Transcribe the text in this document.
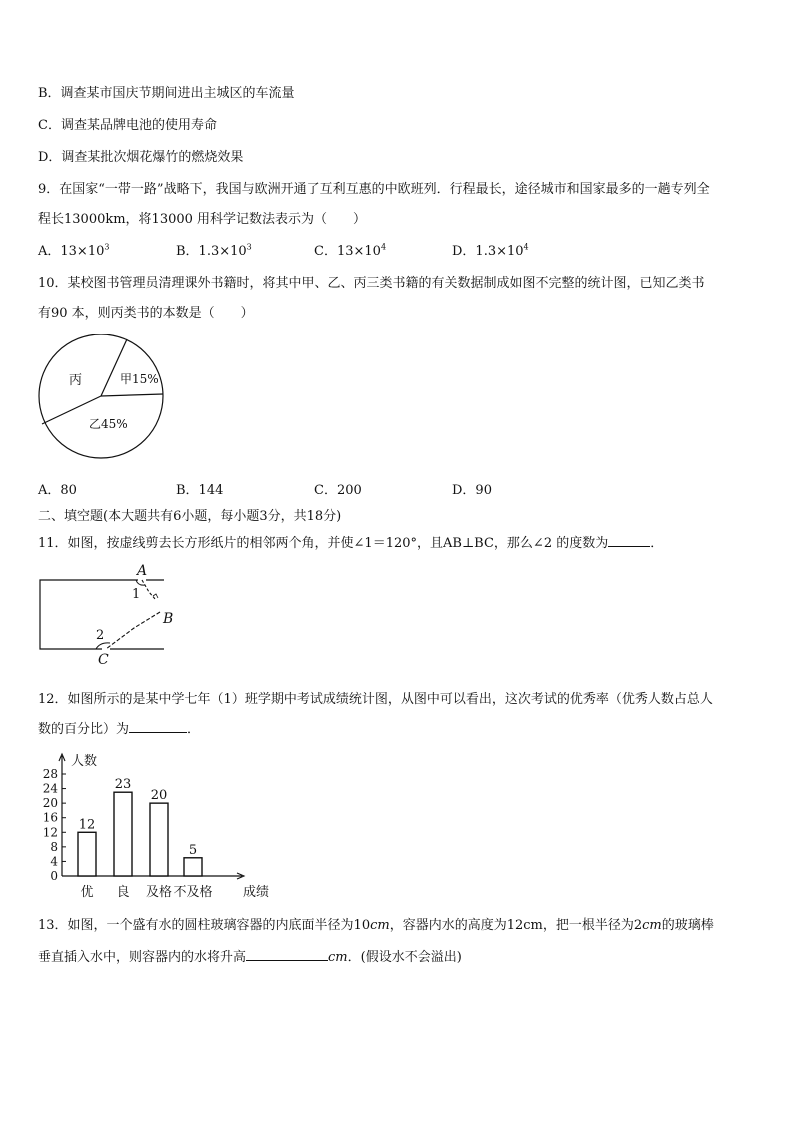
B．调查某市国庆节期间进出主城区的车流量
C．调查某品牌电池的使用寿命
D．调查某批次烟花爆竹的燃烧效果
9．在国家“一带一路”战略下，我国与欧洲开通了互利互惠的中欧班列．行程最长，途径城市和国家最多的一趟专列全
程长13000km，将13000 用科学记数法表示为（　　）
A．$13\times 10^3$	B．$1.3\times 10^3$	C．$13\times 10^4$	D．$1.3\times 10^4$
10．某校图书管理员清理课外书籍时，将其中甲、乙、丙三类书籍的有关数据制成如图不完整的统计图，已知乙类书
有90 本，则丙类书的本数是（　　）
丙	甲15%
乙45%
A．80	B．144	C．200	D．90
二、填空题(本大题共有6小题，每小题3分，共18分)
11．如图，按虚线剪去长方形纸片的相邻两个角，并使∠1＝120°，且AB⊥BC，那么∠2 的度数为	．
A
1
B
2
C
12．如图所示的是某中学七年（1）班学期中考试成绩统计图，从图中可以看出，这次考试的优秀率（优秀人数占总人
数的百分比）为	．
人数
0
4
8
12
16
20
24
28
12
优
23
良
20
及格
5
不及格 成绩
13．如图，一个盛有水的圆柱玻璃容器的内底面半径为10cm，容器内水的高度为12cm，把一根半径为2cm的玻璃棒
垂直插入水中，则容器内的水将升高	cm．(假设水不会溢出)
